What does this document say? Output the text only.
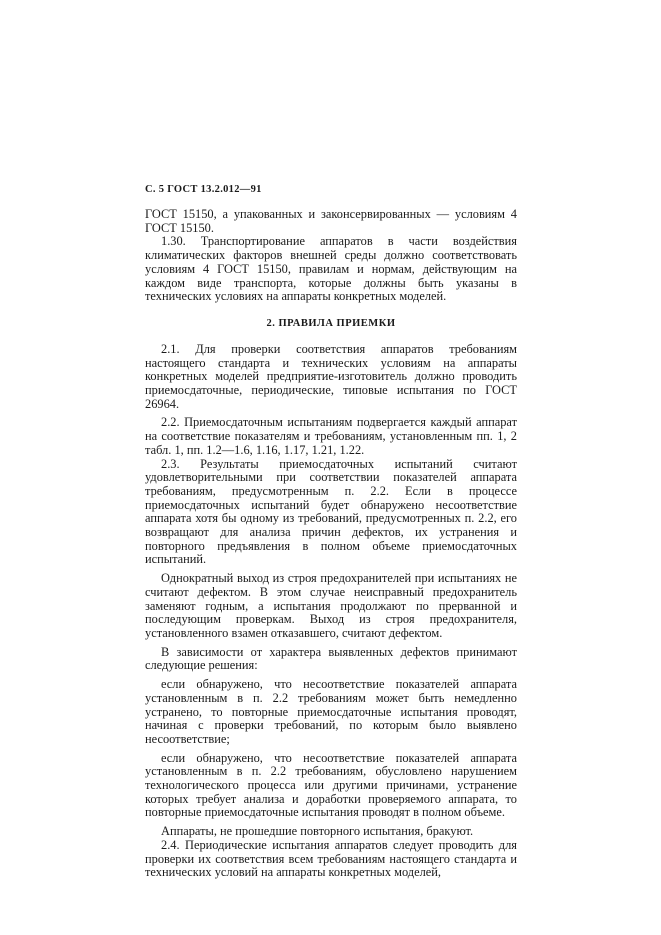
С. 5 ГОСТ 13.2.012—91

ГОСТ 15150, а упакованных и законсервированных — условиям 4 ГОСТ 15150.

1.30. Транспортирование аппаратов в части воздействия климатических факторов внешней среды должно соответствовать условиям 4 ГОСТ 15150, правилам и нормам, действующим на каждом виде транспорта, которые должны быть указаны в технических условиях на аппараты конкретных моделей.

2. ПРАВИЛА ПРИЕМКИ

2.1. Для проверки соответствия аппаратов требованиям настоящего стандарта и технических условиям на аппараты конкретных моделей предприятие-изготовитель должно проводить приемосдаточные, периодические, типовые испытания по ГОСТ 26964.

2.2. Приемосдаточным испытаниям подвергается каждый аппарат на соответствие показателям и требованиям, установленным пп. 1, 2 табл. 1, пп. 1.2—1.6, 1.16, 1.17, 1.21, 1.22.

2.3. Результаты приемосдаточных испытаний считают удовлетворительными при соответствии показателей аппарата требованиям, предусмотренным п. 2.2. Если в процессе приемосдаточных испытаний будет обнаружено несоответствие аппарата хотя бы одному из требований, предусмотренных п. 2.2, его возвращают для анализа причин дефектов, их устранения и повторного предъявления в полном объеме приемосдаточных испытаний.

Однократный выход из строя предохранителей при испытаниях не считают дефектом. В этом случае неисправный предохранитель заменяют годным, а испытания продолжают по прерванной и последующим проверкам. Выход из строя предохранителя, установленного взамен отказавшего, считают дефектом.

В зависимости от характера выявленных дефектов принимают следующие решения:

если обнаружено, что несоответствие показателей аппарата установленным в п. 2.2 требованиям может быть немедленно устранено, то повторные приемосдаточные испытания проводят, начиная с проверки требований, по которым было выявлено несоответствие;

если обнаружено, что несоответствие показателей аппарата установленным в п. 2.2 требованиям, обусловлено нарушением технологического процесса или другими причинами, устранение которых требует анализа и доработки проверяемого аппарата, то повторные приемосдаточные испытания проводят в полном объеме.

Аппараты, не прошедшие повторного испытания, бракуют.

2.4. Периодические испытания аппаратов следует проводить для проверки их соответствия всем требованиям настоящего стандарта и технических условий на аппараты конкретных моделей,
